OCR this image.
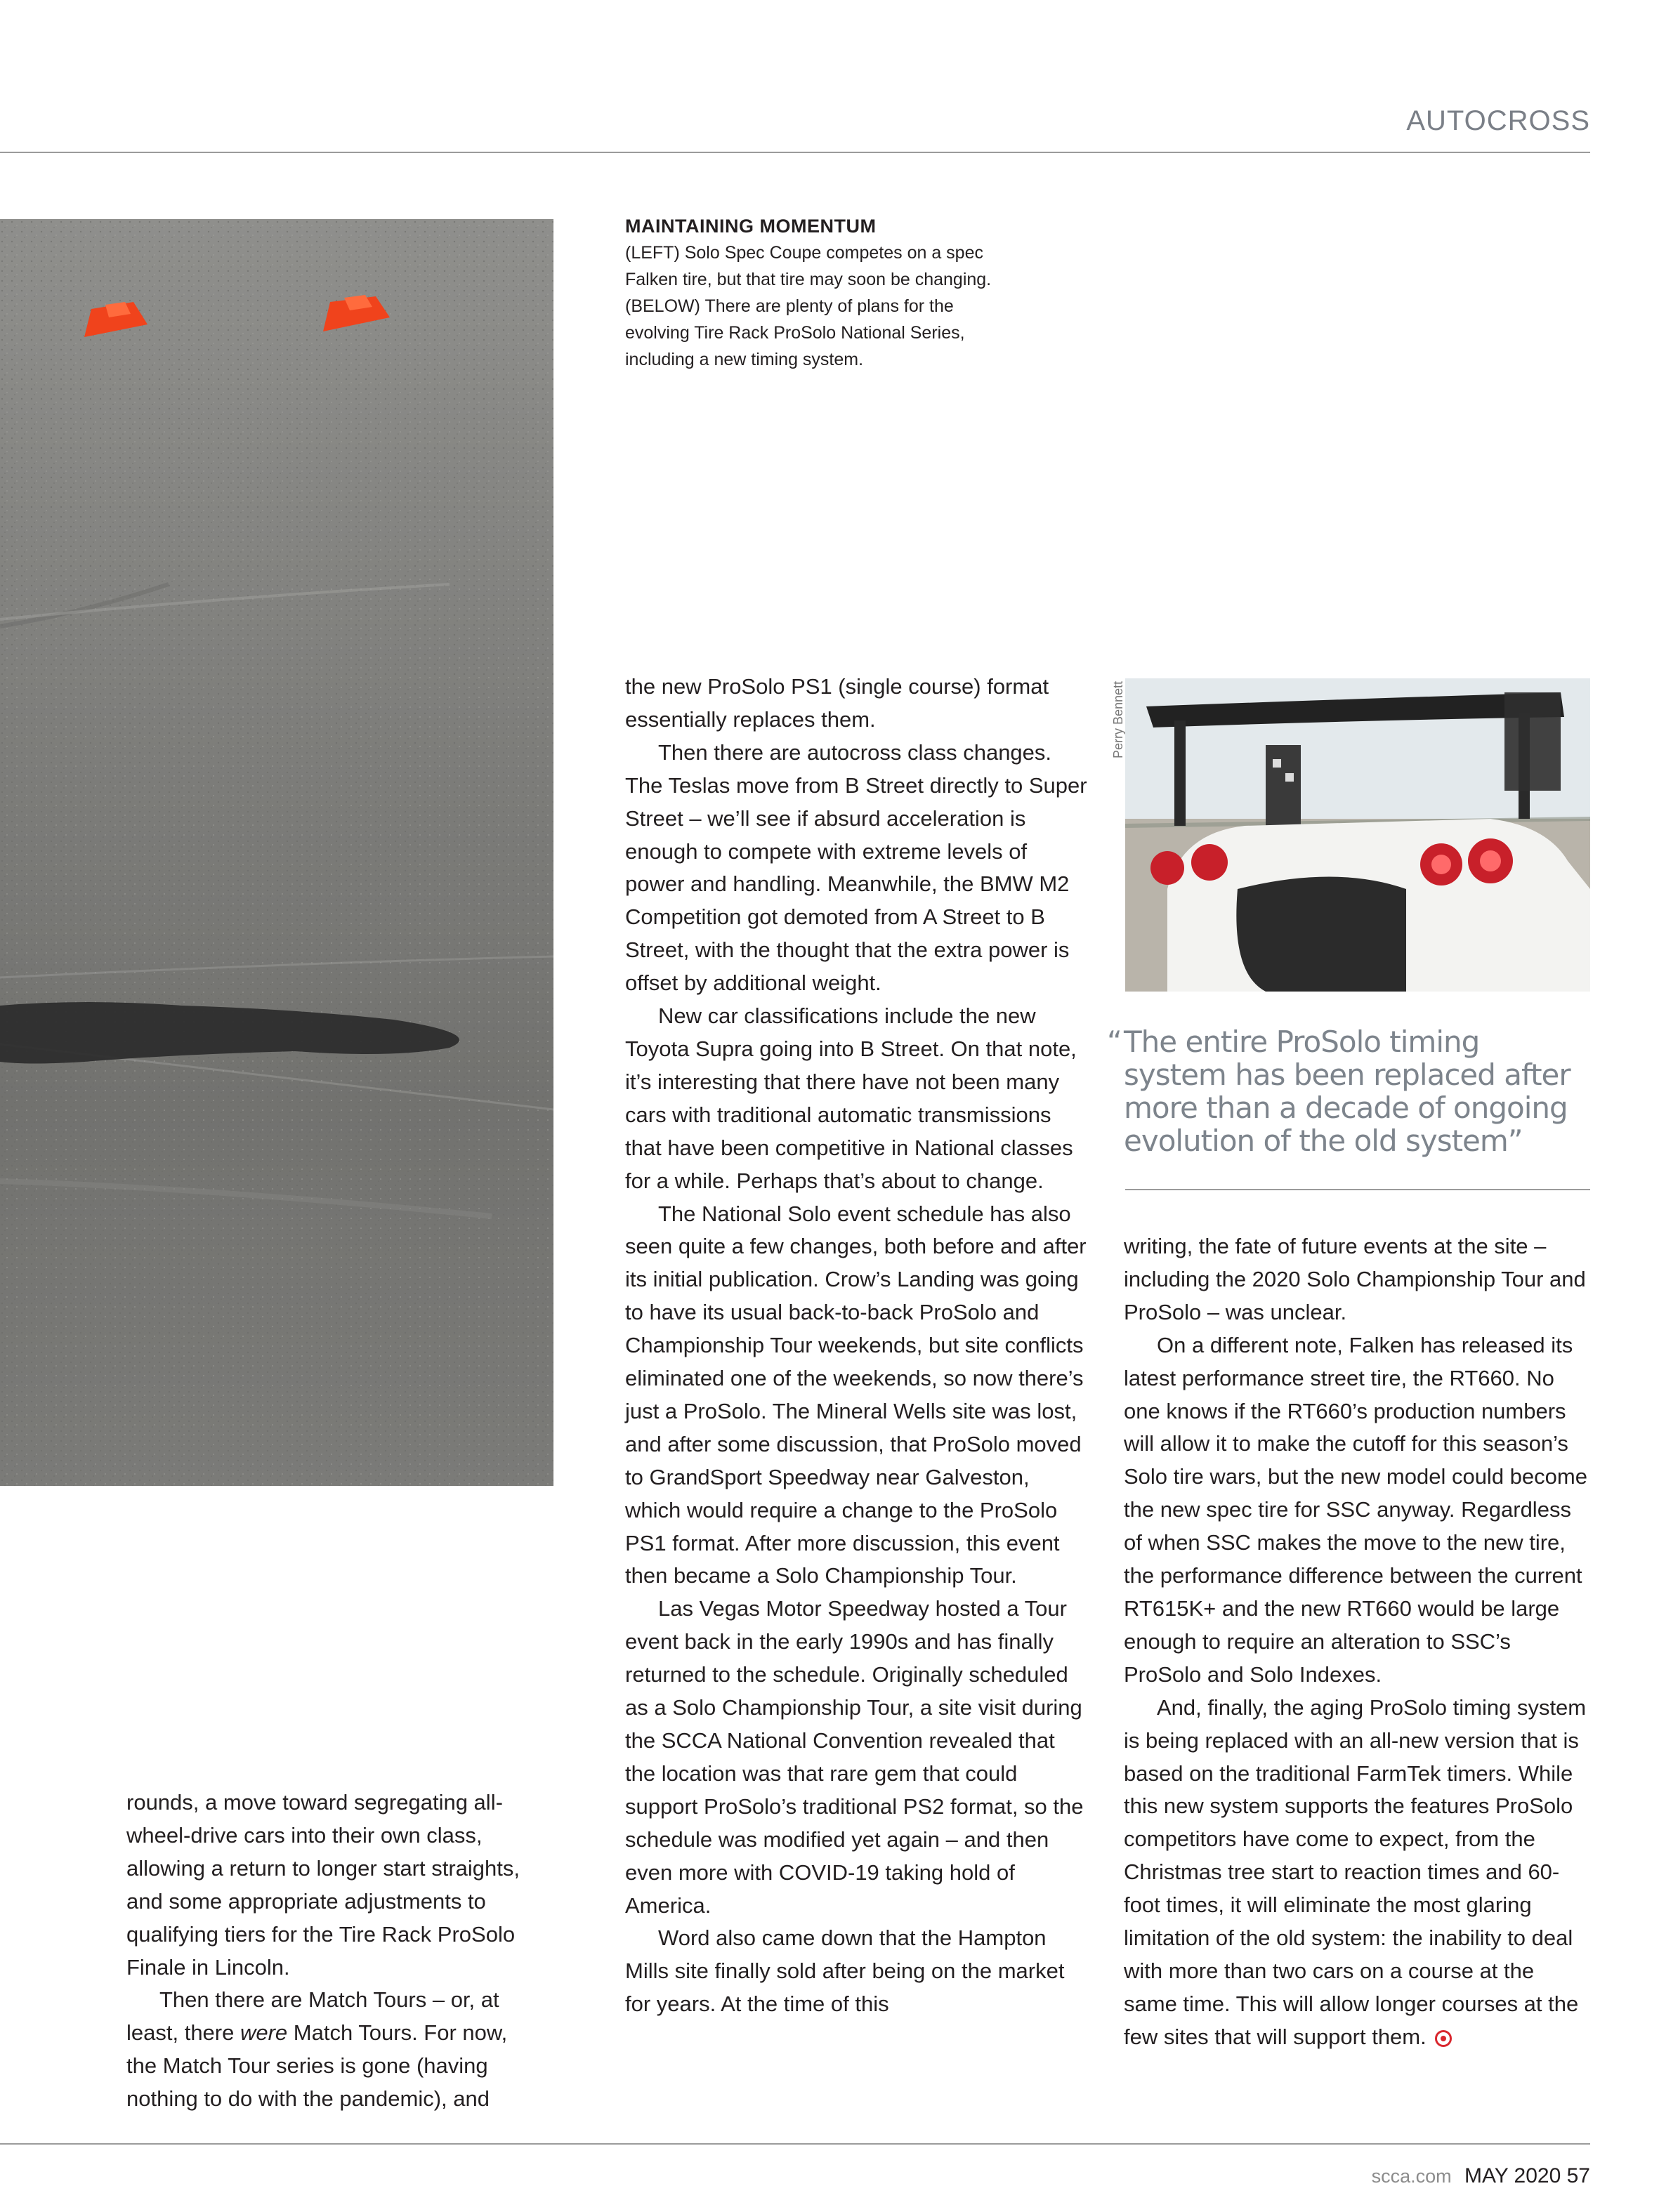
AUTOCROSS
MAINTAINING MOMENTUM
(LEFT) Solo Spec Coupe competes on a spec Falken tire, but that tire may soon be changing. (BELOW) There are plenty of plans for the evolving Tire Rack ProSolo National Series, including a new timing system.
Perry Bennett
“ The entire ProSolo timing system has been replaced after more than a decade of ongoing evolution of the old system”

rounds, a move toward segregating all-wheel-drive cars into their own class, allowing a return to longer start straights, and some appropriate adjustments to qualifying tiers for the Tire Rack ProSolo Finale in Lincoln.

Then there are Match Tours – or, at least, there were Match Tours. For now, the Match Tour series is gone (having nothing to do with the pandemic), and

the new ProSolo PS1 (single course) format essentially replaces them.

Then there are autocross class changes. The Teslas move from B Street directly to Super Street – we’ll see if absurd acceleration is enough to compete with extreme levels of power and handling. Meanwhile, the BMW M2 Competition got demoted from A Street to B Street, with the thought that the extra power is offset by additional weight.

New car classifications include the new Toyota Supra going into B Street. On that note, it’s interesting that there have not been many cars with traditional automatic transmissions that have been competitive in National classes for a while. Perhaps that’s about to change.

The National Solo event schedule has also seen quite a few changes, both before and after its initial publication. Crow’s Landing was going to have its usual back-to-back ProSolo and Championship Tour weekends, but site conflicts eliminated one of the weekends, so now there’s just a ProSolo. The Mineral Wells site was lost, and after some discussion, that ProSolo moved to GrandSport Speedway near Galveston, which would require a change to the ProSolo PS1 format. After more discussion, this event then became a Solo Championship Tour.

Las Vegas Motor Speedway hosted a Tour event back in the early 1990s and has finally returned to the schedule. Originally scheduled as a Solo Championship Tour, a site visit during the SCCA National Convention revealed that the location was that rare gem that could support ProSolo’s traditional PS2 format, so the schedule was modified yet again – and then even more with COVID-19 taking hold of America.

Word also came down that the Hampton Mills site finally sold after being on the market for years. At the time of this

writing, the fate of future events at the site – including the 2020 Solo Championship Tour and ProSolo – was unclear.

On a different note, Falken has released its latest performance street tire, the RT660. No one knows if the RT660’s production numbers will allow it to make the cutoff for this season’s Solo tire wars, but the new model could become the new spec tire for SSC anyway. Regardless of when SSC makes the move to the new tire, the performance difference between the current RT615K+ and the new RT660 would be large enough to require an alteration to SSC’s ProSolo and Solo Indexes.

And, finally, the aging ProSolo timing system is being replaced with an all-new version that is based on the traditional FarmTek timers. While this new system supports the features ProSolo competitors have come to expect, from the Christmas tree start to reaction times and 60-foot times, it will eliminate the most glaring limitation of the old system: the inability to deal with more than two cars on a course at the same time. This will allow longer courses at the few sites that will support them.

scca.com MAY 2020 57
